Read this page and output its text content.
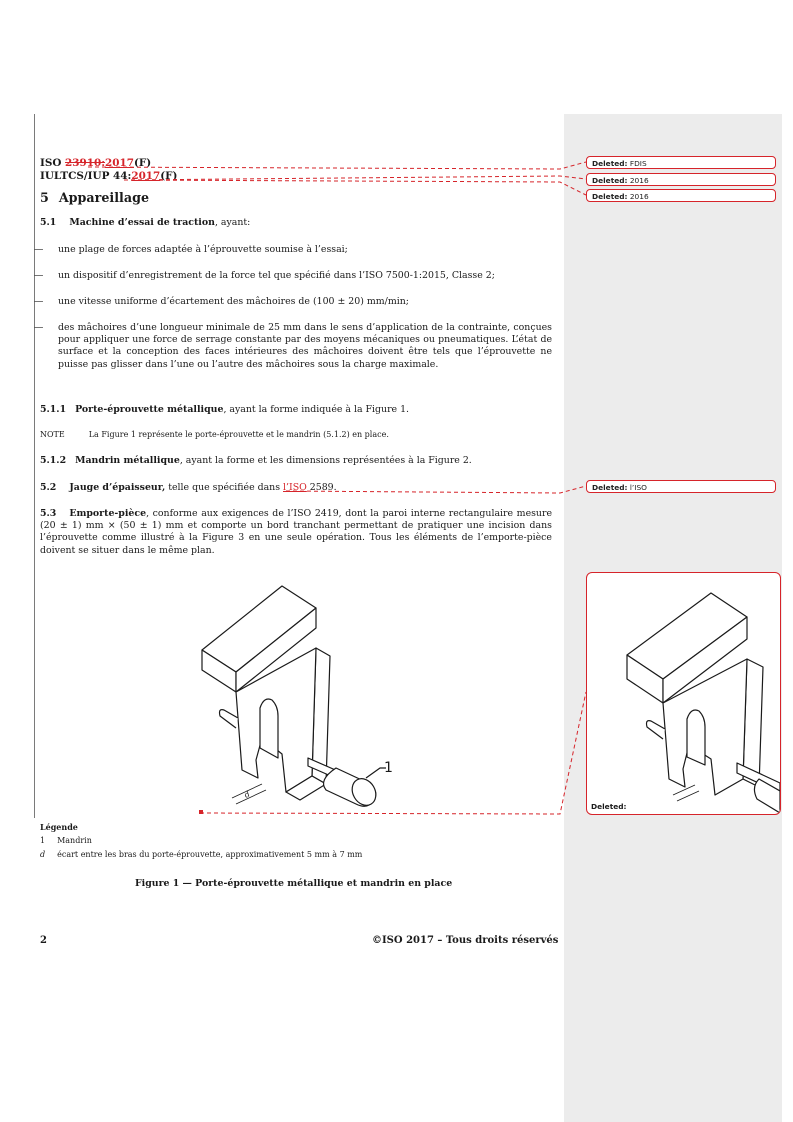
ISO 23910:2017(F)
IULTCS/IUP 44:2017(F)
5 Appareillage
5.1 Machine d’essai de traction, ayant:
— une plage de forces adaptée à l’éprouvette soumise à l’essai;
— un dispositif d’enregistrement de la force tel que spécifié dans l’ISO 7500-1:2015, Classe 2;
— une vitesse uniforme d’écartement des mâchoires de (100 ± 20) mm/min;
— des mâchoires d’une longueur minimale de 25 mm dans le sens d’application de la contrainte, conçues pour appliquer une force de serrage constante par des moyens mécaniques ou pneumatiques. L’état de surface et la conception des faces intérieures des mâchoires doivent être tels que l’éprouvette ne puisse pas glisser dans l’une ou l’autre des mâchoires sous la charge maximale.
5.1.1 Porte-éprouvette métallique, ayant la forme indiquée à la Figure 1.
NOTE	La Figure 1 représente le porte-éprouvette et le mandrin (5.1.2) en place.
5.1.2 Mandrin métallique, ayant la forme et les dimensions représentées à la Figure 2.
5.2 Jauge d’épaisseur, telle que spécifiée dans l’ISO 2589.
5.3 Emporte-pièce, conforme aux exigences de l’ISO 2419, dont la paroi interne rectangulaire mesure (20 ± 1) mm × (50 ± 1) mm et comporte un bord tranchant permettant de pratiquer une incision dans l’éprouvette comme illustré à la Figure 3 en une seule opération. Tous les éléments de l’emporte-pièce doivent se situer dans le même plan.
1
d
Légende
1 Mandrin
d écart entre les bras du porte-éprouvette, approximativement 5 mm à 7 mm
Figure 1 — Porte-éprouvette métallique et mandrin en place
2	©ISO 2017 – Tous droits réservés
Deleted: FDIS
Deleted: 2016
Deleted: 2016
Deleted: l’ISO
Deleted:
